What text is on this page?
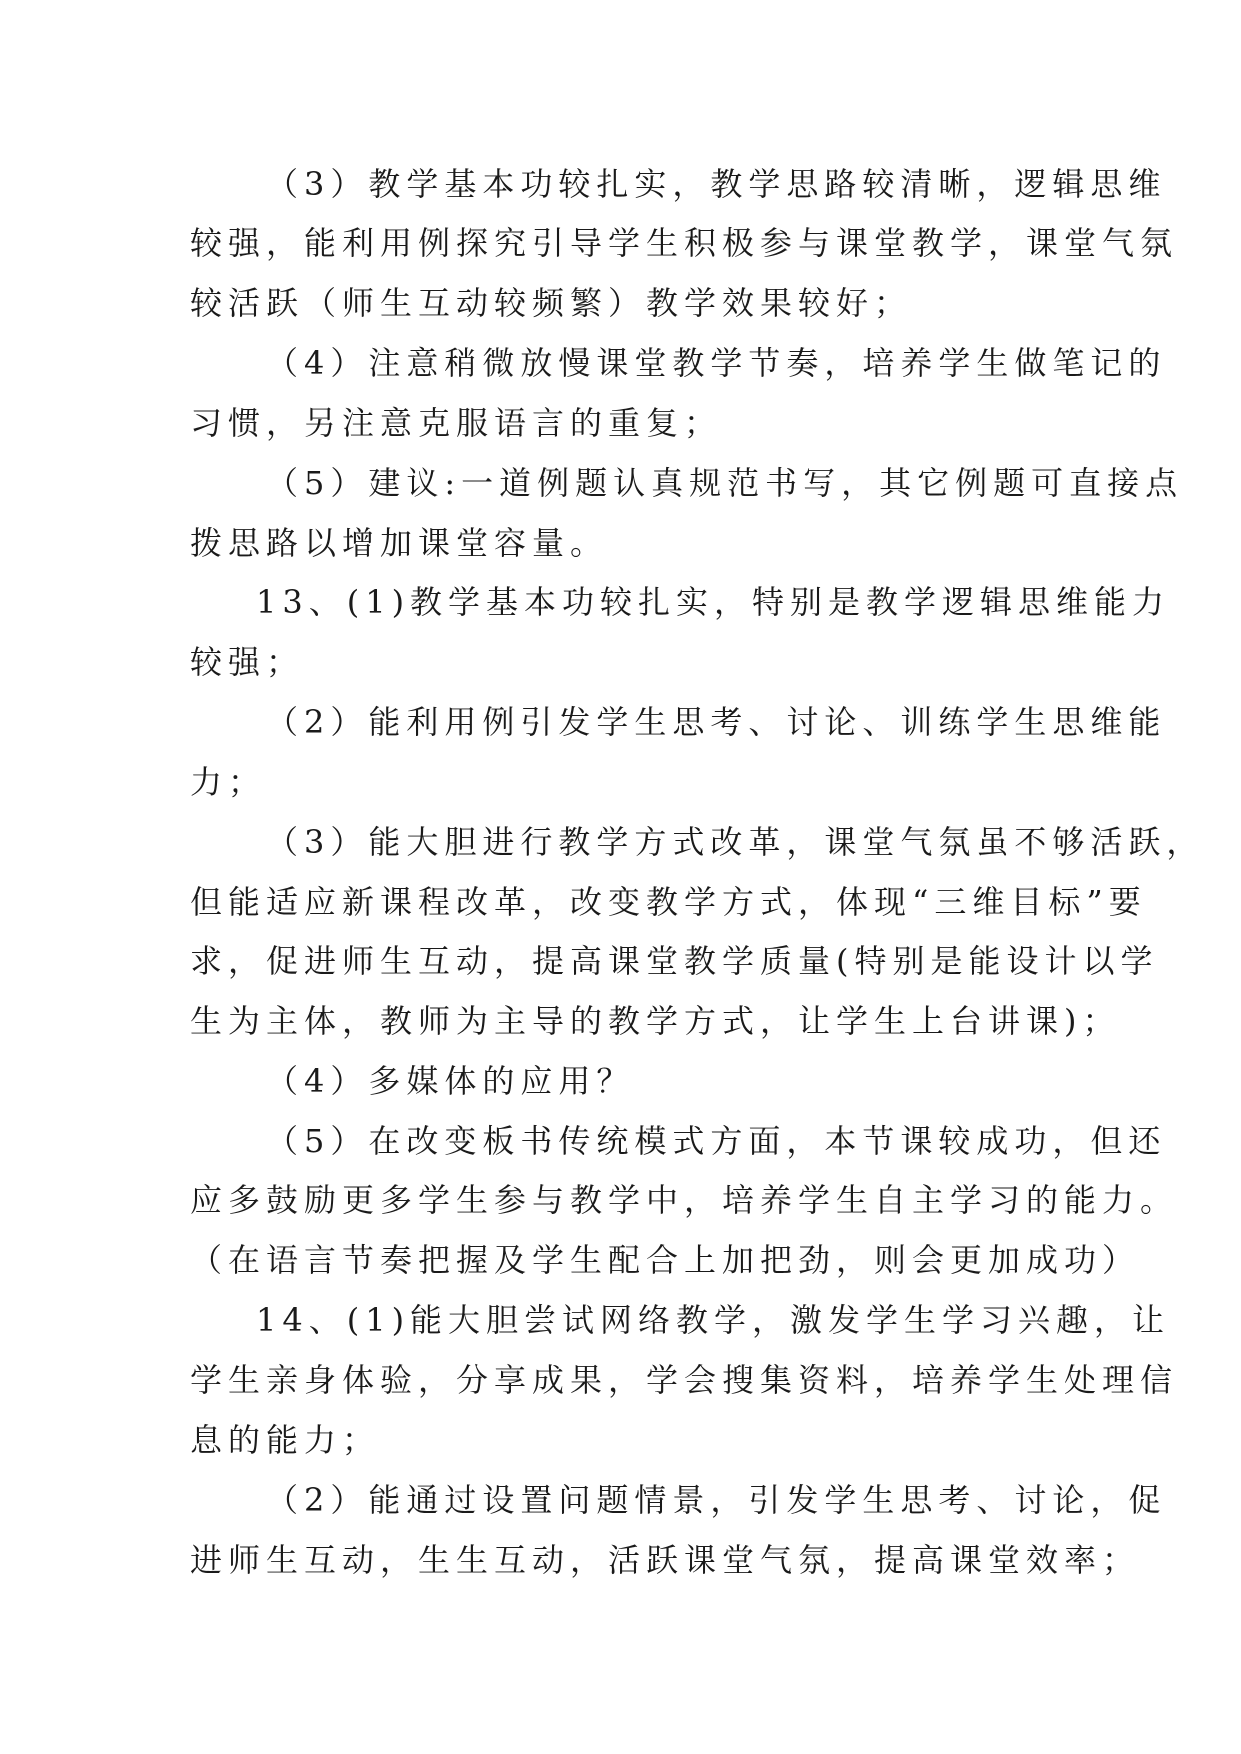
（3）教学基本功较扎实，教学思路较清晰，逻辑思维
较强，能利用例探究引导学生积极参与课堂教学，课堂气氛
较活跃（师生互动较频繁）教学效果较好；
（4）注意稍微放慢课堂教学节奏，培养学生做笔记的
习惯，另注意克服语言的重复；
（5）建议:一道例题认真规范书写，其它例题可直接点
拨思路以增加课堂容量。
13、(1)教学基本功较扎实，特别是教学逻辑思维能力
较强；
（2）能利用例引发学生思考、讨论、训练学生思维能
力；
（3）能大胆进行教学方式改革，课堂气氛虽不够活跃，
但能适应新课程改革，改变教学方式，体现“三维目标”要
求，促进师生互动，提高课堂教学质量(特别是能设计以学
生为主体，教师为主导的教学方式，让学生上台讲课)；
（4）多媒体的应用？
（5）在改变板书传统模式方面，本节课较成功，但还
应多鼓励更多学生参与教学中，培养学生自主学习的能力。
（在语言节奏把握及学生配合上加把劲，则会更加成功）
14、(1)能大胆尝试网络教学，激发学生学习兴趣，让
学生亲身体验，分享成果，学会搜集资料，培养学生处理信
息的能力；
（2）能通过设置问题情景，引发学生思考、讨论，促
进师生互动，生生互动，活跃课堂气氛，提高课堂效率；
